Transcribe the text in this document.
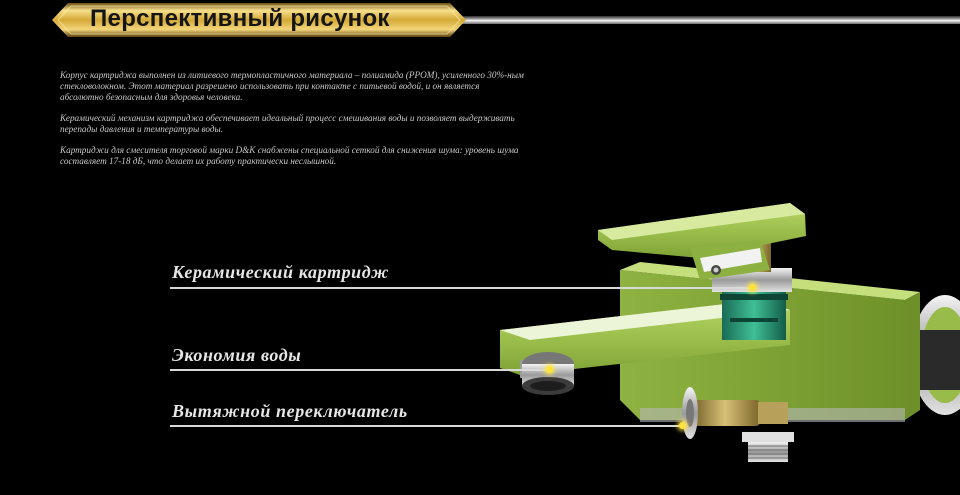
Перспективный рисунок

Корпус картриджа выполнен из литиевого термопластичного материала – полиамида (PPOM), усиленного 30%-ным стекловолокном. Этот материал разрешено использовать при контакте с питьевой водой, и он является абсолютно безопасным для здоровья человека.

Керамический механизм картриджа обеспечивает идеальный процесс смешивания воды и позволяет выдерживать перепады давления и температуры воды.

Картриджи для смесителя торговой марки D&K снабжены специальной сеткой для снижения шума: уровень шума составляет 17-18 дБ, что делает их работу практически неслышной.

Керамический картридж
Экономия воды
Вытяжной переключатель
